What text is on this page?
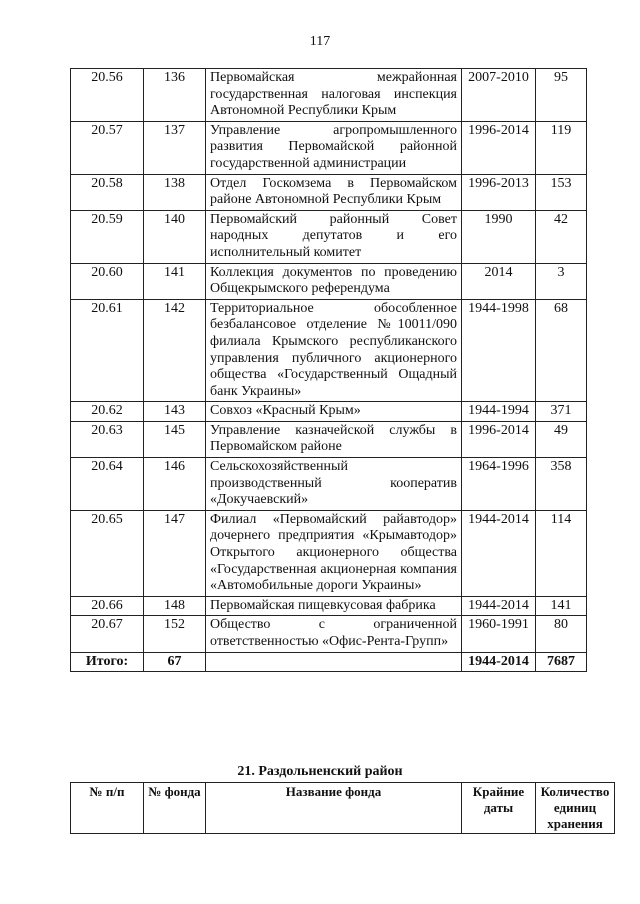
117
20.56	136	Первомайская межрайонная государственная налоговая инспекция Автономной Республики Крым	2007-2010	95
20.57	137	Управление агропромышленного развития Первомайской районной государственной администрации	1996-2014	119
20.58	138	Отдел Госкомзема в Первомайском районе Автономной Республики Крым	1996-2013	153
20.59	140	Первомайский районный Совет народных депутатов и его исполнительный комитет	1990	42
20.60	141	Коллекция документов по проведению Общекрымского референдума	2014	3
20.61	142	Территориальное обособленное безбалансовое отделение №10011/090 филиала Крымского республиканского управления публичного акционерного общества «Государственный Ощадный банк Украины»	1944-1998	68
20.62	143	Совхоз «Красный Крым»	1944-1994	371
20.63	145	Управление казначейской службы в Первомайском районе	1996-2014	49
20.64	146	Сельскохозяйственный производственный кооператив «Докучаевский»	1964-1996	358
20.65	147	Филиал «Первомайский райавтодор» дочернего предприятия «Крымавтодор» Открытого акционерного общества «Государственная акционерная компания «Автомобильные дороги Украины»	1944-2014	114
20.66	148	Первомайская пищевкусовая фабрика	1944-2014	141
20.67	152	Общество с ограниченной ответственностью «Офис-Рента-Групп»	1960-1991	80
Итого:	67		1944-2014	7687
21. Раздольненский район
№ п/п	№ фонда	Название фонда	Крайние даты	Количество единиц хранения
